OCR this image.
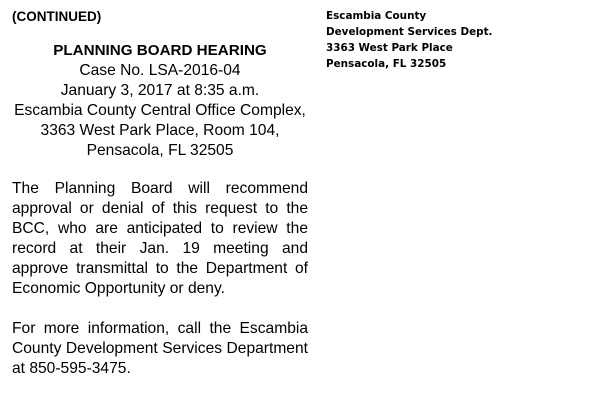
(CONTINUED)

PLANNING BOARD HEARING
Case No. LSA-2016-04
January 3, 2017 at 8:35 a.m.
Escambia County Central Office Complex,
3363 West Park Place, Room 104,
Pensacola, FL 32505

The Planning Board will recommend approval or denial of this request to the BCC, who are anticipated to review the record at their Jan. 19 meeting and approve transmittal to the Department of Economic Opportunity or deny.

For more information, call the Escambia County Development Services Department at 850-595-3475.

Escambia County
Development Services Dept.
3363 West Park Place
Pensacola, FL 32505
